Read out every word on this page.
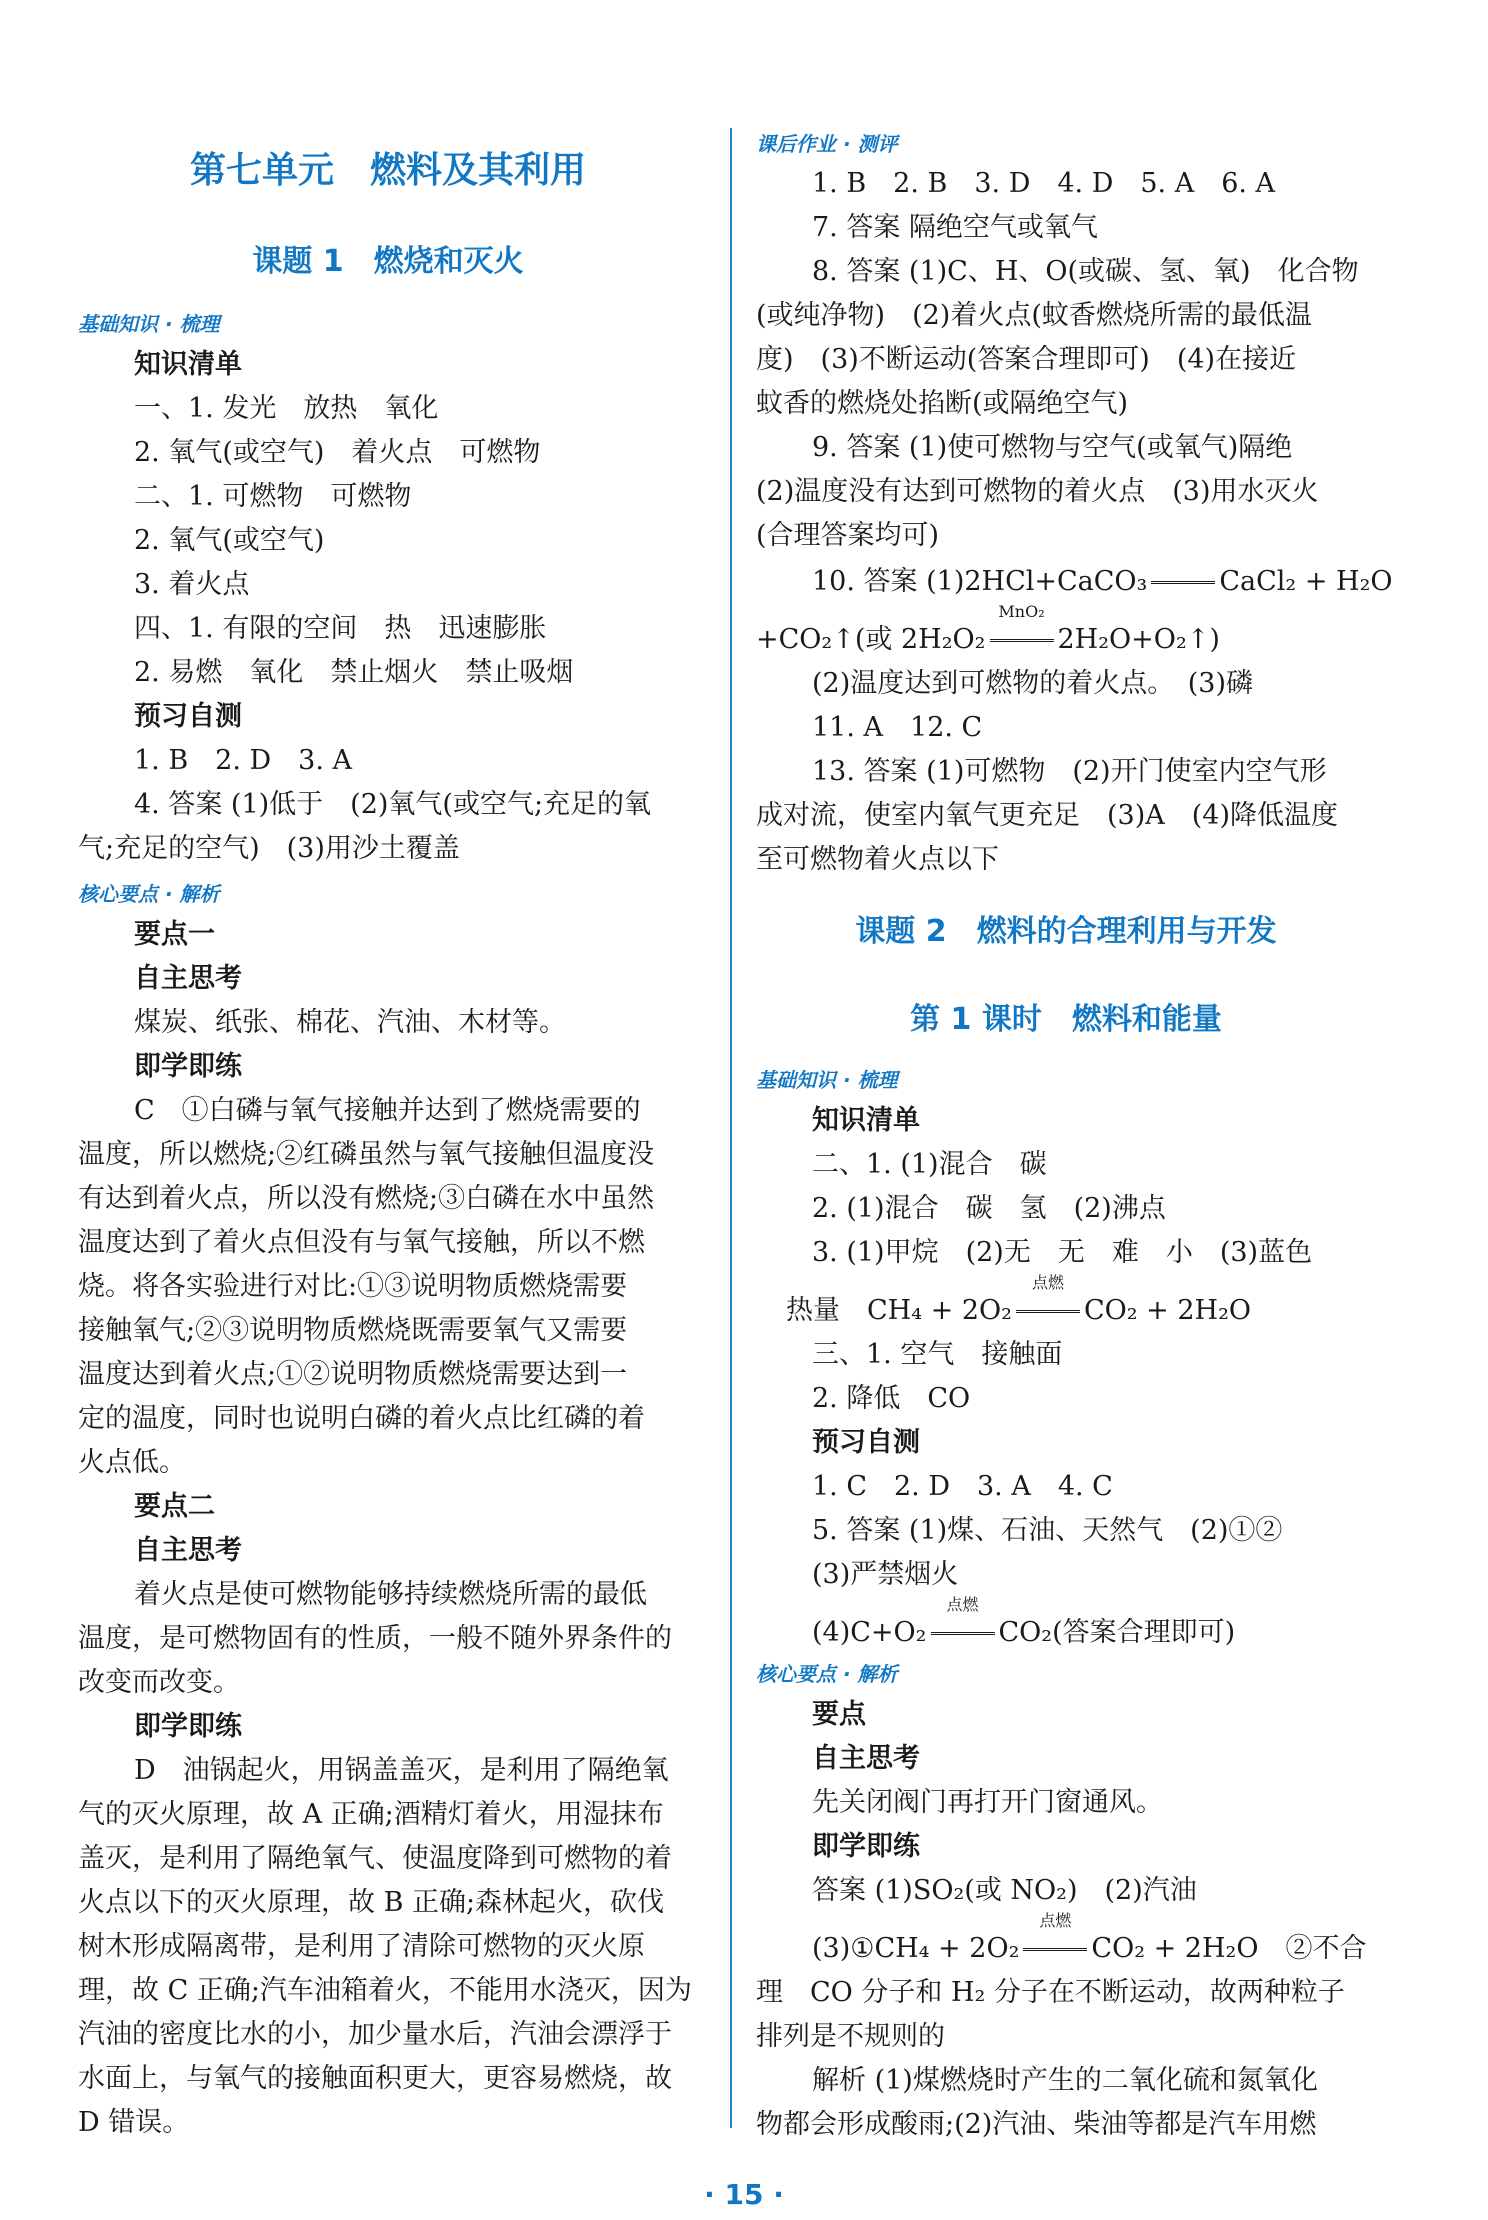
第七单元　燃料及其利用
课题 1　燃烧和灭火
基础知识 · 梳理
知识清单
一、1. 发光　放热　氧化
2. 氧气(或空气)　着火点　可燃物
二、1. 可燃物　可燃物
2. 氧气(或空气)
3. 着火点
四、1. 有限的空间　热　迅速膨胀
2. 易燃　氧化　禁止烟火　禁止吸烟
预习自测
1. B　2. D　3. A
4. 答案 (1)低于　(2)氧气(或空气;充足的氧
气;充足的空气)　(3)用沙土覆盖
核心要点 · 解析
要点一
自主思考
煤炭、纸张、棉花、汽油、木材等。
即学即练
C　①白磷与氧气接触并达到了燃烧需要的
温度，所以燃烧;②红磷虽然与氧气接触但温度没
有达到着火点，所以没有燃烧;③白磷在水中虽然
温度达到了着火点但没有与氧气接触，所以不燃
烧。将各实验进行对比:①③说明物质燃烧需要
接触氧气;②③说明物质燃烧既需要氧气又需要
温度达到着火点;①②说明物质燃烧需要达到一
定的温度，同时也说明白磷的着火点比红磷的着
火点低。
要点二
自主思考
着火点是使可燃物能够持续燃烧所需的最低
温度，是可燃物固有的性质，一般不随外界条件的
改变而改变。
即学即练
D　油锅起火，用锅盖盖灭，是利用了隔绝氧
气的灭火原理，故 A 正确;酒精灯着火，用湿抹布
盖灭，是利用了隔绝氧气、使温度降到可燃物的着
火点以下的灭火原理，故 B 正确;森林起火，砍伐
树木形成隔离带，是利用了清除可燃物的灭火原
理，故 C 正确;汽车油箱着火，不能用水浇灭，因为
汽油的密度比水的小，加少量水后，汽油会漂浮于
水面上，与氧气的接触面积更大，更容易燃烧，故
D 错误。
课后作业 · 测评
1. B　2. B　3. D　4. D　5. A　6. A
7. 答案 隔绝空气或氧气
8. 答案 (1)C、H、O(或碳、氢、氧)　化合物
(或纯净物)　(2)着火点(蚊香燃烧所需的最低温
度)　(3)不断运动(答案合理即可)　(4)在接近
蚊香的燃烧处掐断(或隔绝空气)
9. 答案 (1)使可燃物与空气(或氧气)隔绝
(2)温度没有达到可燃物的着火点　(3)用水灭火
(合理答案均可)
10. 答案 (1)2HCl+CaCO₃	CaCl₂ + H₂O
+CO₂↑(或 2H₂O₂
MnO₂
2H₂O+O₂↑)
(2)温度达到可燃物的着火点。　(3)磷
11. A　12. C
13. 答案 (1)可燃物　(2)开门使室内空气形
成对流，使室内氧气更充足　(3)A　(4)降低温度
至可燃物着火点以下
课题 2　燃料的合理利用与开发
第 1 课时　燃料和能量
基础知识 · 梳理
知识清单
二、1. (1)混合　碳
2. (1)混合　碳　氢　(2)沸点
3. (1)甲烷　(2)无　无　难　小　(3)蓝色
热量　CH₄ + 2O₂
点燃
CO₂ + 2H₂O
三、1. 空气　接触面
2. 降低　CO
预习自测
1. C　2. D　3. A　4. C
5. 答案 (1)煤、石油、天然气　(2)①②
(3)严禁烟火
(4)C+O₂
点燃
CO₂(答案合理即可)
核心要点 · 解析
要点
自主思考
先关闭阀门再打开门窗通风。
即学即练
答案 (1)SO₂(或 NO₂)　(2)汽油
(3)①CH₄ + 2O₂
点燃
CO₂ + 2H₂O　②不合
理　CO 分子和 H₂ 分子在不断运动，故两种粒子
排列是不规则的
解析 (1)煤燃烧时产生的二氧化硫和氮氧化
物都会形成酸雨;(2)汽油、柴油等都是汽车用燃
· 15 ·
